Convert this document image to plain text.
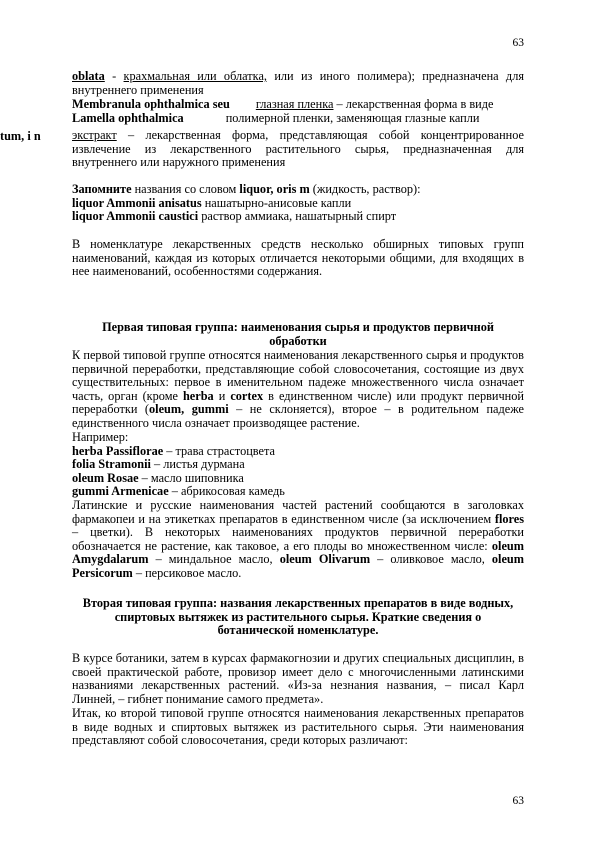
63
oblata - крахмальная или облатка, или из иного полимера); предназначена для внутреннего применения
Membranula ophthalmica seu глазная пленка – лекарственная форма в виде
Lamella ophthalmica	полимерной пленки, заменяющая глазные капли
tum, i n	экстракт – лекарственная форма, представляющая собой концентрированное извлечение из лекарственного растительного сырья, предназначенная для внутреннего или наружного применения
Запомните названия со словом liquor, oris m (жидкость, раствор):
liquor Ammonii anisatus нашатырно-анисовые капли
liquor Ammonii caustici раствор аммиака, нашатырный спирт
В номенклатуре лекарственных средств несколько обширных типовых групп наименований, каждая из которых отличается некоторыми общими, для входящих в нее наименований, особенностями содержания.
Первая типовая группа: наименования сырья и продуктов первичной обработки
К первой типовой группе относятся наименования лекарственного сырья и продуктов первичной переработки, представляющие собой словосочетания, состоящие из двух существительных: первое в именительном падеже множественного числа означает часть, орган (кроме herba и cortex в единственном числе) или продукт первичной переработки (oleum, gummi – не склоняется), второе – в родительном падеже единственного числа означает производящее растение.
Например:
herba Passiflorae – трава страстоцвета
folia Stramonii – листья дурмана
oleum Rosae – масло шиповника
gummi Armenicae – абрикосовая камедь
Латинские и русские наименования частей растений сообщаются в заголовках фармакопеи и на этикетках препаратов в единственном числе (за исключением flores – цветки). В некоторых наименованиях продуктов первичной переработки обозначается не растение, как таковое, а его плоды во множественном числе: oleum Amygdalarum – миндальное масло, oleum Olivarum – оливковое масло, oleum Persicorum – персиковое масло.
Вторая типовая группа: названия лекарственных препаратов в виде водных, спиртовых вытяжек из растительного сырья. Краткие сведения о ботанической номенклатуре.
В курсе ботаники, затем в курсах фармакогнозии и других специальных дисциплин, в своей практической работе, провизор имеет дело с многочисленными латинскими названиями лекарственных растений. «Из-за незнания названия, – писал Карл Линней, – гибнет понимание самого предмета».
Итак, ко второй типовой группе относятся наименования лекарственных препаратов в виде водных и спиртовых вытяжек из растительного сырья. Эти наименования представляют собой словосочетания, среди которых различают:
63
